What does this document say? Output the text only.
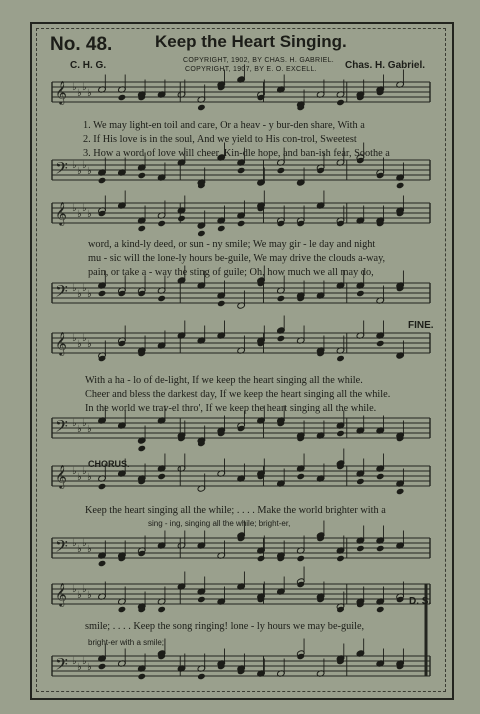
No. 48.	Keep the Heart Singing.
C. H. G.	COPYRIGHT, 1902, BY CHAS. H. GABRIEL.
COPYRIGHT, 1907, BY E. O. EXCELL.	Chas. H. Gabriel.
𝄞 ♭
♭
♭
♭
𝄢 ♭
♭
♭
♭
𝄞 ♭
♭
♭
♭
𝄢 ♭
♭
♭
♭
𝄞 ♭
♭
♭
♭
𝄢 ♭
♭
♭
♭
𝄞 ♭
♭
♭
♭
𝄢 ♭
♭
♭
♭
𝄞 ♭
♭
♭
♭
𝄢 ♭
♭
♭
♭
1. We may light-en toil and care, Or a heav - y bur-den share, With a
2. If His love is in the soul, And we yield to His con-trol, Sweetest
3. How a word of love will cheer, Kin-dle hope, and ban-ish fear, Soothe a
word, a kind-ly deed, or sun - ny smile; We may gir - le day and night
mu - sic will the lone-ly hours be-guile, We may drive the clouds a-way,
pain, or take a - way the sting of guile; Oh, how much we all may do,
FINE.
With a ha - lo of de-light, If we keep the heart singing all the while.
Cheer and bless the darkest day, If we keep the heart singing all the while.
In the world we trav-el thro', If we keep the heart singing all the while.
CHORUS.
Keep the heart singing all the while; . . . . Make the world brighter with a
sing - ing, singing all the while; bright-er,
D. S.
smile; . . . . Keep the song ringing! lone - ly hours we may be-guile,
bright-er with a smile;
